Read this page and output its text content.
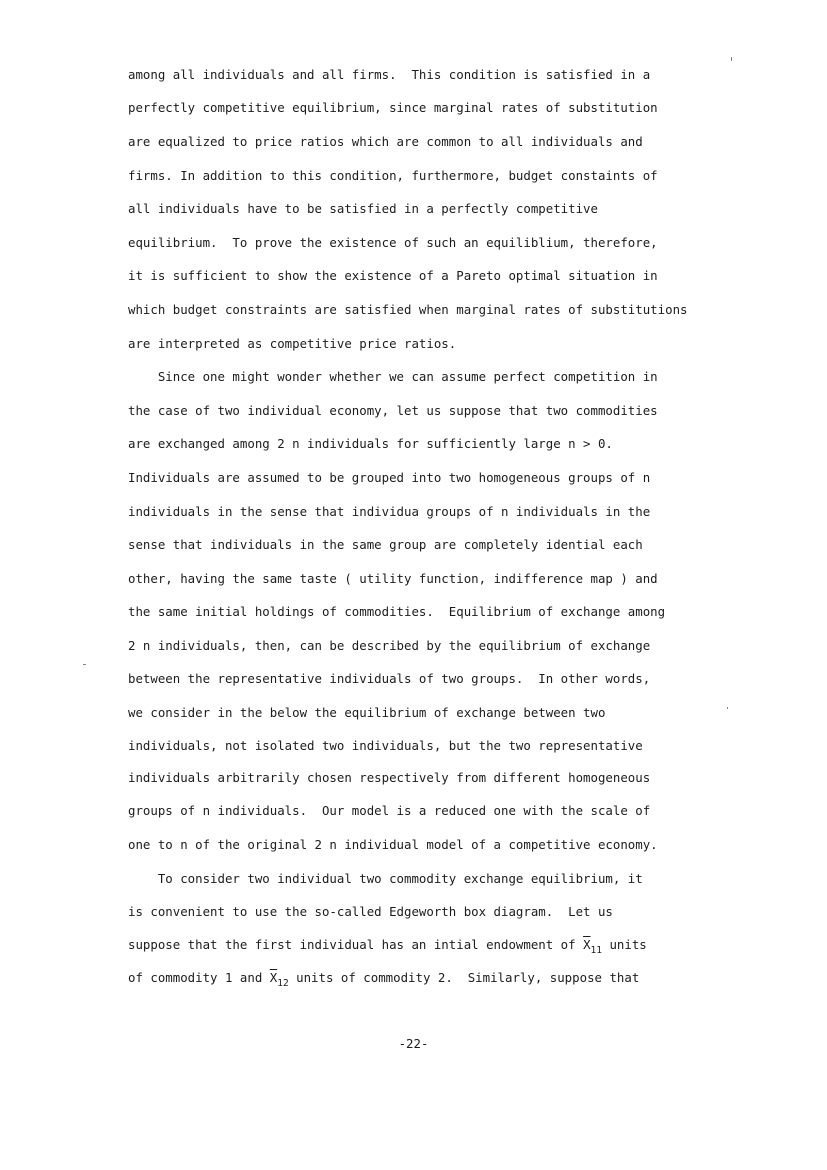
among all individuals and all firms.  This condition is satisfied in a
perfectly competitive equilibrium, since marginal rates of substitution
are equalized to price ratios which are common to all individuals and
firms. In addition to this condition, furthermore, budget constaints of
all individuals have to be satisfied in a perfectly competitive
equilibrium.  To prove the existence of such an equiliblium, therefore,
it is sufficient to show the existence of a Pareto optimal situation in
which budget constraints are satisfied when marginal rates of substitutions
are interpreted as competitive price ratios.
Since one might wonder whether we can assume perfect competition in
the case of two individual economy, let us suppose that two commodities
are exchanged among 2 n individuals for sufficiently large n > 0.
Individuals are assumed to be grouped into two homogeneous groups of n
individuals in the sense that individua groups of n individuals in the
sense that individuals in the same group are completely idential each
other, having the same taste ( utility function, indifference map ) and
the same initial holdings of commodities.  Equilibrium of exchange among
2 n individuals, then, can be described by the equilibrium of exchange
between the representative individuals of two groups.  In other words,
we consider in the below the equilibrium of exchange between two
individuals, not isolated two individuals, but the two representative
individuals arbitrarily chosen respectively from different homogeneous
groups of n individuals.  Our model is a reduced one with the scale of
one to n of the original 2 n individual model of a competitive economy.
To consider two individual two commodity exchange equilibrium, it
is convenient to use the so-called Edgeworth box diagram.  Let us
suppose that the first individual has an intial endowment of $\overline{X}_{11}$ units
of commodity 1 and $\overline{X}_{12}$ units of commodity 2.  Similarly, suppose that
-22-
